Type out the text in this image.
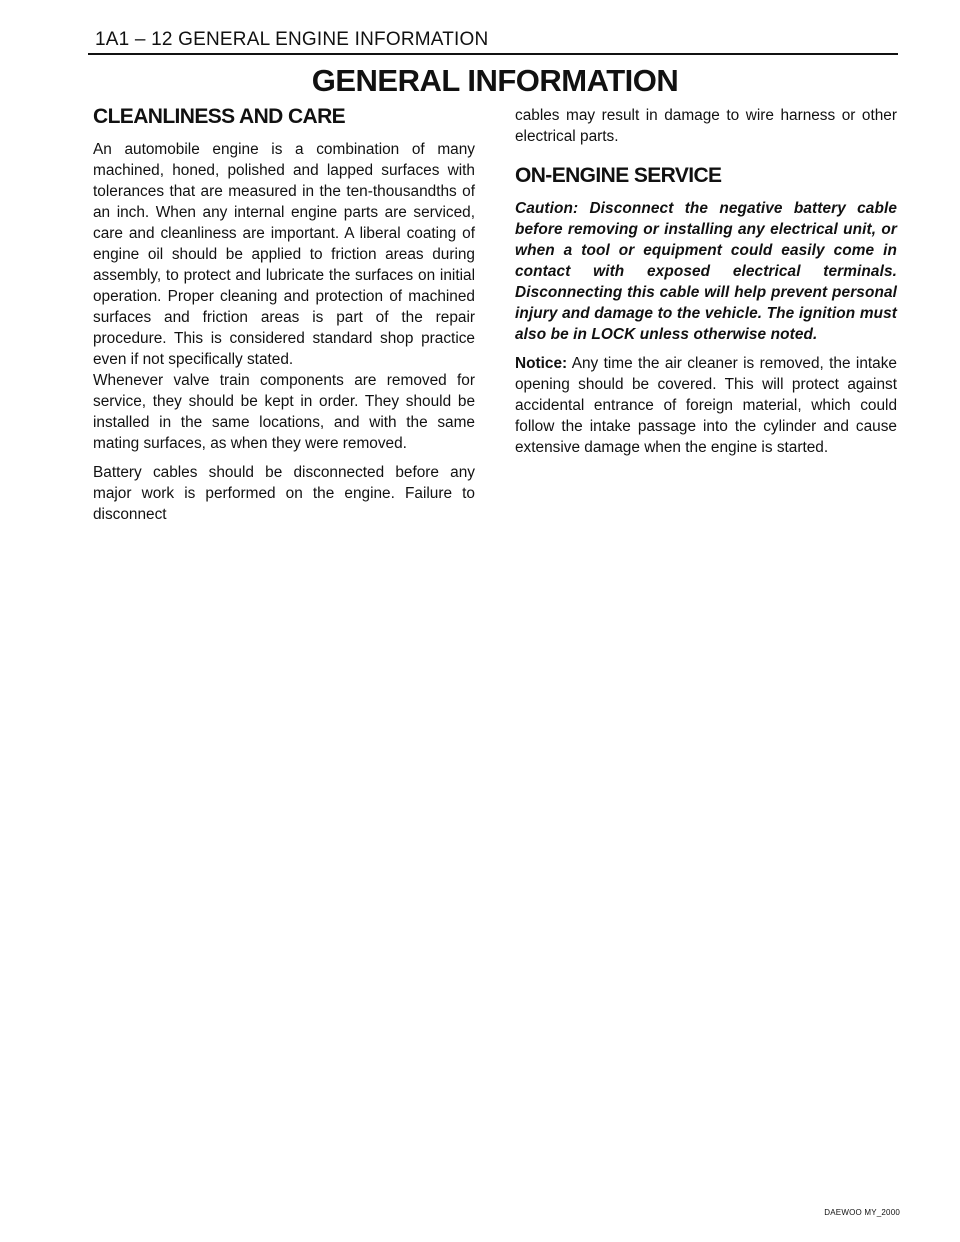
1A1 – 12 GENERAL ENGINE INFORMATION
GENERAL INFORMATION
CLEANLINESS AND CARE

An automobile engine is a combination of many machined, honed, polished and lapped surfaces with tolerances that are measured in the ten-thousandths of an inch. When any internal engine parts are serviced, care and cleanliness are important. A liberal coating of engine oil should be applied to friction areas during assembly, to protect and lubricate the surfaces on initial operation. Proper cleaning and protection of machined surfaces and friction areas is part of the repair procedure. This is considered standard shop practice even if not specifically stated.

Whenever valve train components are removed for service, they should be kept in order. They should be installed in the same locations, and with the same mating surfaces, as when they were removed.

Battery cables should be disconnected before any major work is performed on the engine. Failure to disconnect

cables may result in damage to wire harness or other electrical parts.

ON-ENGINE SERVICE

Caution: Disconnect the negative battery cable before removing or installing any electrical unit, or when a tool or equipment could easily come in contact with exposed electrical terminals. Disconnecting this cable will help prevent personal injury and damage to the vehicle. The ignition must also be in LOCK unless otherwise noted.

Notice: Any time the air cleaner is removed, the intake opening should be covered. This will protect against accidental entrance of foreign material, which could follow the intake passage into the cylinder and cause extensive damage when the engine is started.

DAEWOO MY_2000
